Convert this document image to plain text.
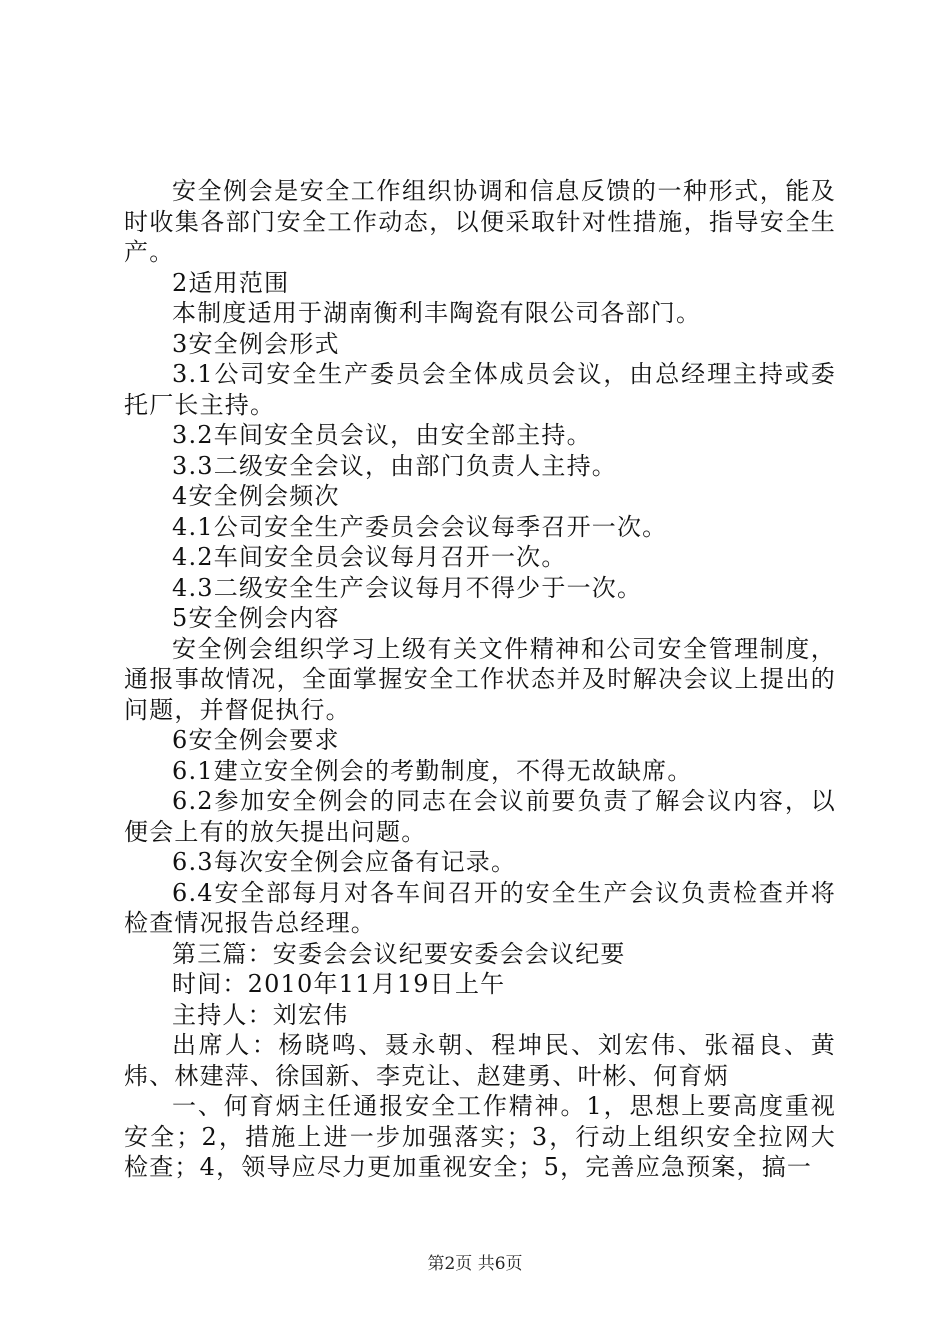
安全例会是安全工作组织协调和信息反馈的一种形式，能及时收集各部门安全工作动态，以便采取针对性措施，指导安全生产。

2适用范围

本制度适用于湖南衡利丰陶瓷有限公司各部门。

3安全例会形式

3.1公司安全生产委员会全体成员会议，由总经理主持或委托厂长主持。

3.2车间安全员会议，由安全部主持。

3.3二级安全会议，由部门负责人主持。

4安全例会频次

4.1公司安全生产委员会会议每季召开一次。

4.2车间安全员会议每月召开一次。

4.3二级安全生产会议每月不得少于一次。

5安全例会内容

安全例会组织学习上级有关文件精神和公司安全管理制度，通报事故情况，全面掌握安全工作状态并及时解决会议上提出的问题，并督促执行。

6安全例会要求

6.1建立安全例会的考勤制度，不得无故缺席。

6.2参加安全例会的同志在会议前要负责了解会议内容，以便会上有的放矢提出问题。

6.3每次安全例会应备有记录。

6.4安全部每月对各车间召开的安全生产会议负责检查并将检查情况报告总经理。

第三篇：安委会会议纪要安委会会议纪要

时间：2010年11月19日上午

主持人：刘宏伟

出席人：杨晓鸣、聂永朝、程坤民、刘宏伟、张福良、黄炜、林建萍、徐国新、李克让、赵建勇、叶彬、何育炳

一、何育炳主任通报安全工作精神。1，思想上要高度重视安全；2，措施上进一步加强落实；3，行动上组织安全拉网大检查；4，领导应尽力更加重视安全；5，完善应急预案，搞一

第2页 共6页
